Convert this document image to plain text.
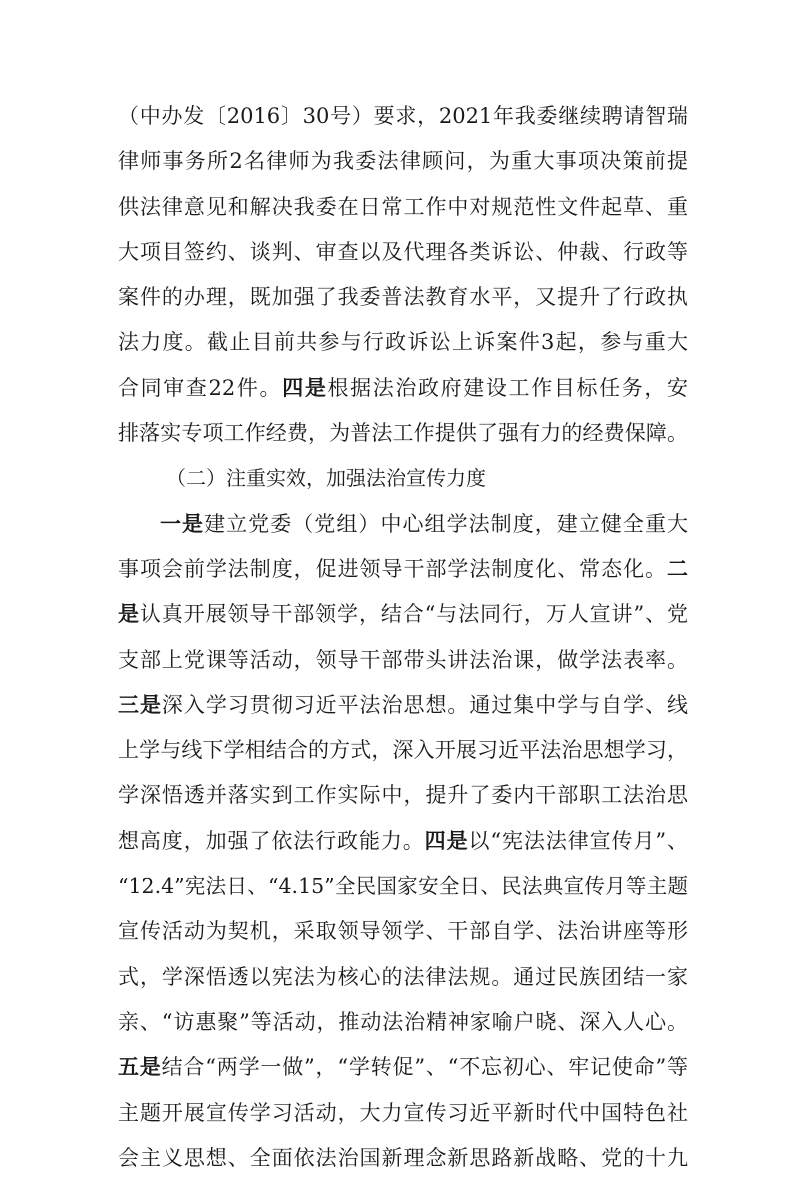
（中办发〔2016〕30号）要求，2021年我委继续聘请智瑞
律师事务所2名律师为我委法律顾问，为重大事项决策前提
供法律意见和解决我委在日常工作中对规范性文件起草、重
大项目签约、谈判、审查以及代理各类诉讼、仲裁、行政等
案件的办理，既加强了我委普法教育水平，又提升了行政执
法力度。截止目前共参与行政诉讼上诉案件3起，参与重大
合同审查22件。四是根据法治政府建设工作目标任务，安
排落实专项工作经费，为普法工作提供了强有力的经费保障。
（二）注重实效，加强法治宣传力度
一是建立党委（党组）中心组学法制度，建立健全重大
事项会前学法制度，促进领导干部学法制度化、常态化。二
是认真开展领导干部领学，结合“与法同行，万人宣讲”、党
支部上党课等活动，领导干部带头讲法治课，做学法表率。
三是深入学习贯彻习近平法治思想。通过集中学与自学、线
上学与线下学相结合的方式，深入开展习近平法治思想学习，
学深悟透并落实到工作实际中，提升了委内干部职工法治思
想高度，加强了依法行政能力。四是以“宪法法律宣传月”、
“12.4”宪法日、“4.15”全民国家安全日、民法典宣传月等主题
宣传活动为契机，采取领导领学、干部自学、法治讲座等形
式，学深悟透以宪法为核心的法律法规。通过民族团结一家
亲、“访惠聚”等活动，推动法治精神家喻户晓、深入人心。
五是结合“两学一做”，“学转促”、“不忘初心、牢记使命”等
主题开展宣传学习活动，大力宣传习近平新时代中国特色社
会主义思想、全面依法治国新理念新思路新战略、党的十九
